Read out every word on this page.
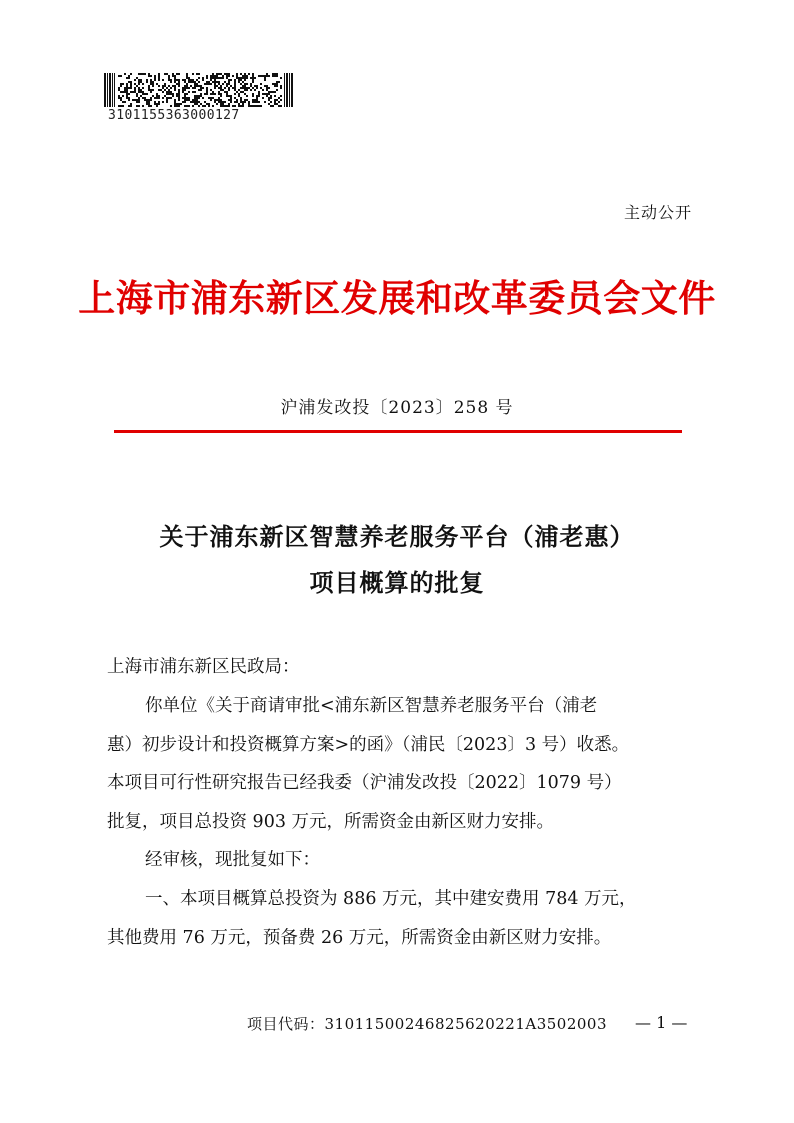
3101155363000127
主动公开
上海市浦东新区发展和改革委员会文件
沪浦发改投〔2023〕258 号
关于浦东新区智慧养老服务平台（浦老惠）
项目概算的批复
上海市浦东新区民政局：
你单位《关于商请审批<浦东新区智慧养老服务平台（浦老
惠）初步设计和投资概算方案>的函》（浦民〔2023〕3 号）收悉。
本项目可行性研究报告已经我委（沪浦发改投〔2022〕1079 号）
批复，项目总投资 903 万元，所需资金由新区财力安排。
经审核，现批复如下：
一、本项目概算总投资为 886 万元，其中建安费用 784 万元，
其他费用 76 万元，预备费 26 万元，所需资金由新区财力安排。
项目代码：31011500246825620221A3502003 — 1 —
